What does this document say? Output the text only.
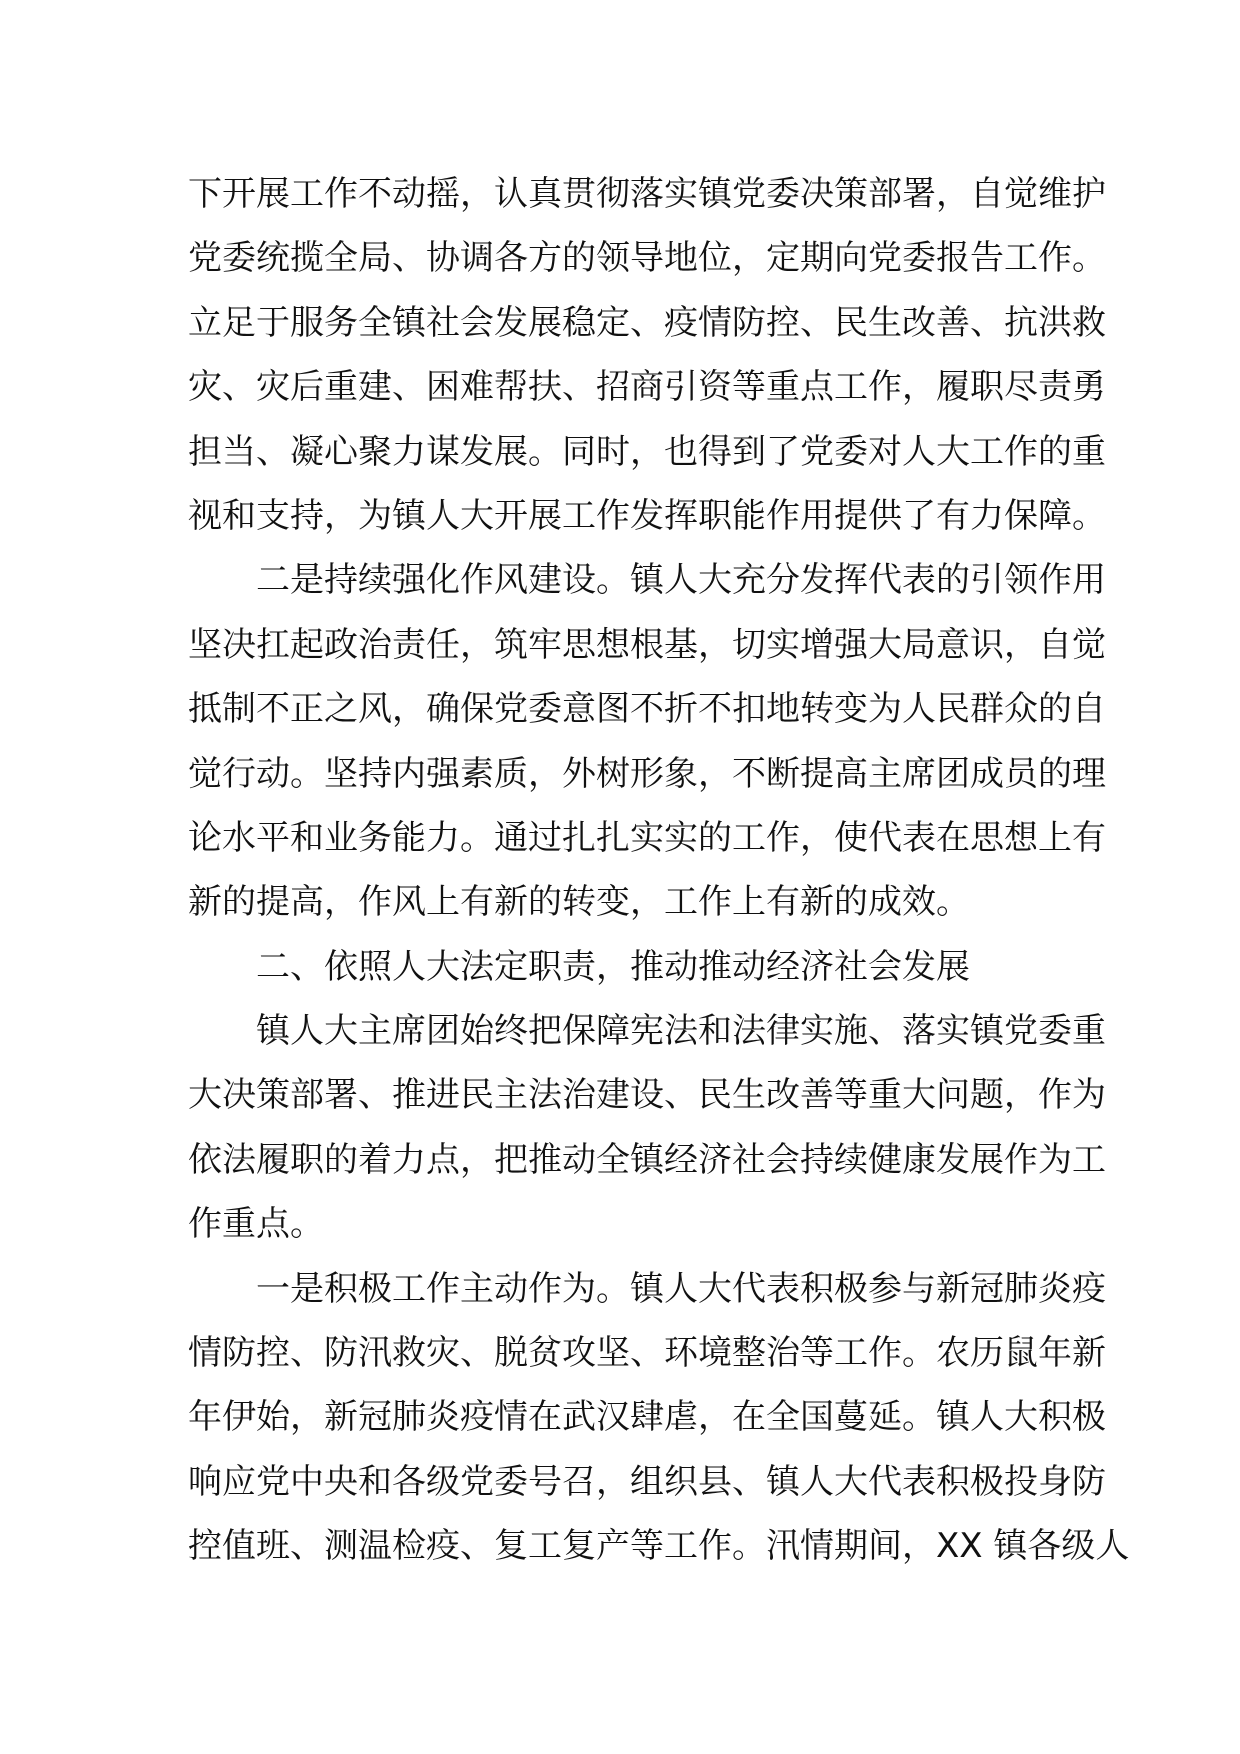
下开展工作不动摇，认真贯彻落实镇党委决策部署，自觉维护
党委统揽全局、协调各方的领导地位，定期向党委报告工作。
立足于服务全镇社会发展稳定、疫情防控、民生改善、抗洪救
灾、灾后重建、困难帮扶、招商引资等重点工作，履职尽责勇
担当、凝心聚力谋发展。同时，也得到了党委对人大工作的重
视和支持，为镇人大开展工作发挥职能作用提供了有力保障。
二是持续强化作风建设。镇人大充分发挥代表的引领作用
坚决扛起政治责任，筑牢思想根基，切实增强大局意识，自觉
抵制不正之风，确保党委意图不折不扣地转变为人民群众的自
觉行动。坚持内强素质，外树形象，不断提高主席团成员的理
论水平和业务能力。通过扎扎实实的工作，使代表在思想上有
新的提高，作风上有新的转变，工作上有新的成效。
二、依照人大法定职责，推动推动经济社会发展
镇人大主席团始终把保障宪法和法律实施、落实镇党委重
大决策部署、推进民主法治建设、民生改善等重大问题，作为
依法履职的着力点，把推动全镇经济社会持续健康发展作为工
作重点。
一是积极工作主动作为。镇人大代表积极参与新冠肺炎疫
情防控、防汛救灾、脱贫攻坚、环境整治等工作。农历鼠年新
年伊始，新冠肺炎疫情在武汉肆虐，在全国蔓延。镇人大积极
响应党中央和各级党委号召，组织县、镇人大代表积极投身防
控值班、测温检疫、复工复产等工作。汛情期间，XX 镇各级人
